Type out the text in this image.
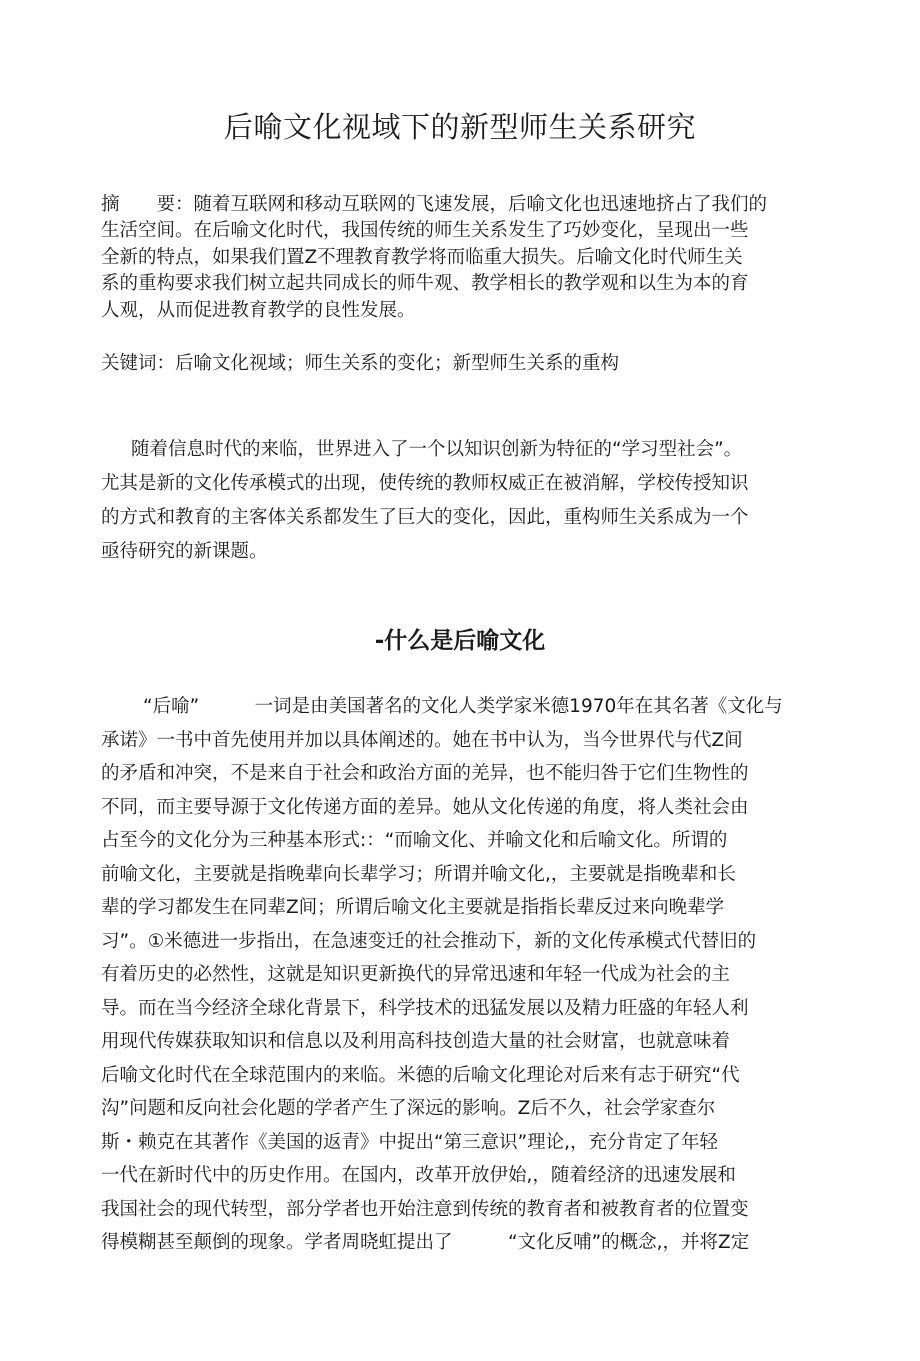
后喻文化视域下的新型师生关系研究
摘　　要：随着互联网和移动互联网的飞速发展，后喻文化也迅速地挤占了我们的
生活空间。在后喻文化时代，我国传统的师生关系发生了巧妙变化，呈现出一些
全新的特点，如果我们置Z不理教育教学将而临重大损失。后喻文化时代师生关
系的重构要求我们树立起共同成长的师牛观、教学相长的教学观和以生为本的育
人观，从而促进教育教学的良性发展。
关键词：后喻文化视域；师生关系的变化；新型师生关系的重构
随着信息时代的来临，世界进入了一个以知识创新为特征的“学习型社会”。
尤其是新的文化传承模式的出现，使传统的教师权威正在被消解，学校传授知识
的方式和教育的主客体关系都发生了巨大的变化，因此，重构师生关系成为一个
亟待研究的新课题。
-什么是后喻文化
“后喻”　　　一词是由美国著名的文化人类学家米德1970年在其名著《文化与
承诺》一书中首先使用并加以具体阐述的。她在书中认为，当今世界代与代Z间
的矛盾和冲突，不是来自于社会和政治方面的羌异，也不能归咎于它们生物性的
不同，而主要导源于文化传递方面的差异。她从文化传递的角度，将人类社会由
占至今的文化分为三种基本形式:：“而喻文化、并喻文化和后喻文化。所谓的
前喻文化，主要就是指晚辈向长辈学习；所谓并喻文化,，主要就是指晚辈和长
辈的学习都发生在同辈Z间；所谓后喻文化主要就是指指长辈反过来向晚辈学
习”。①米德进一步指出，在急速变迁的社会推动下，新的文化传承模式代替旧的
有着历史的必然性，这就是知识更新换代的异常迅速和年轻一代成为社会的主
导。而在当今经济全球化背景下，科学技术的迅猛发展以及精力旺盛的年轻人利
用现代传媒获取知识和信息以及利用高科技创造大量的社会财富，也就意味着
后喻文化时代在全球范围内的来临。米德的后喻文化理论对后来有志于研究“代
沟”问题和反向社会化题的学者产生了深远的影响。Z后不久，社会学家查尔
斯・赖克在其著作《美国的返青》中捉出“第三意识”理论,，充分肯定了年轻
一代在新时代中的历史作用。在国内，改革开放伊始,，随着经济的迅速发展和
我国社会的现代转型，部分学者也开始注意到传统的教育者和被教育者的位置变
得模糊甚至颠倒的现象。学者周晓虹提出了　　　“文化反哺”的概念,，并将Z定
